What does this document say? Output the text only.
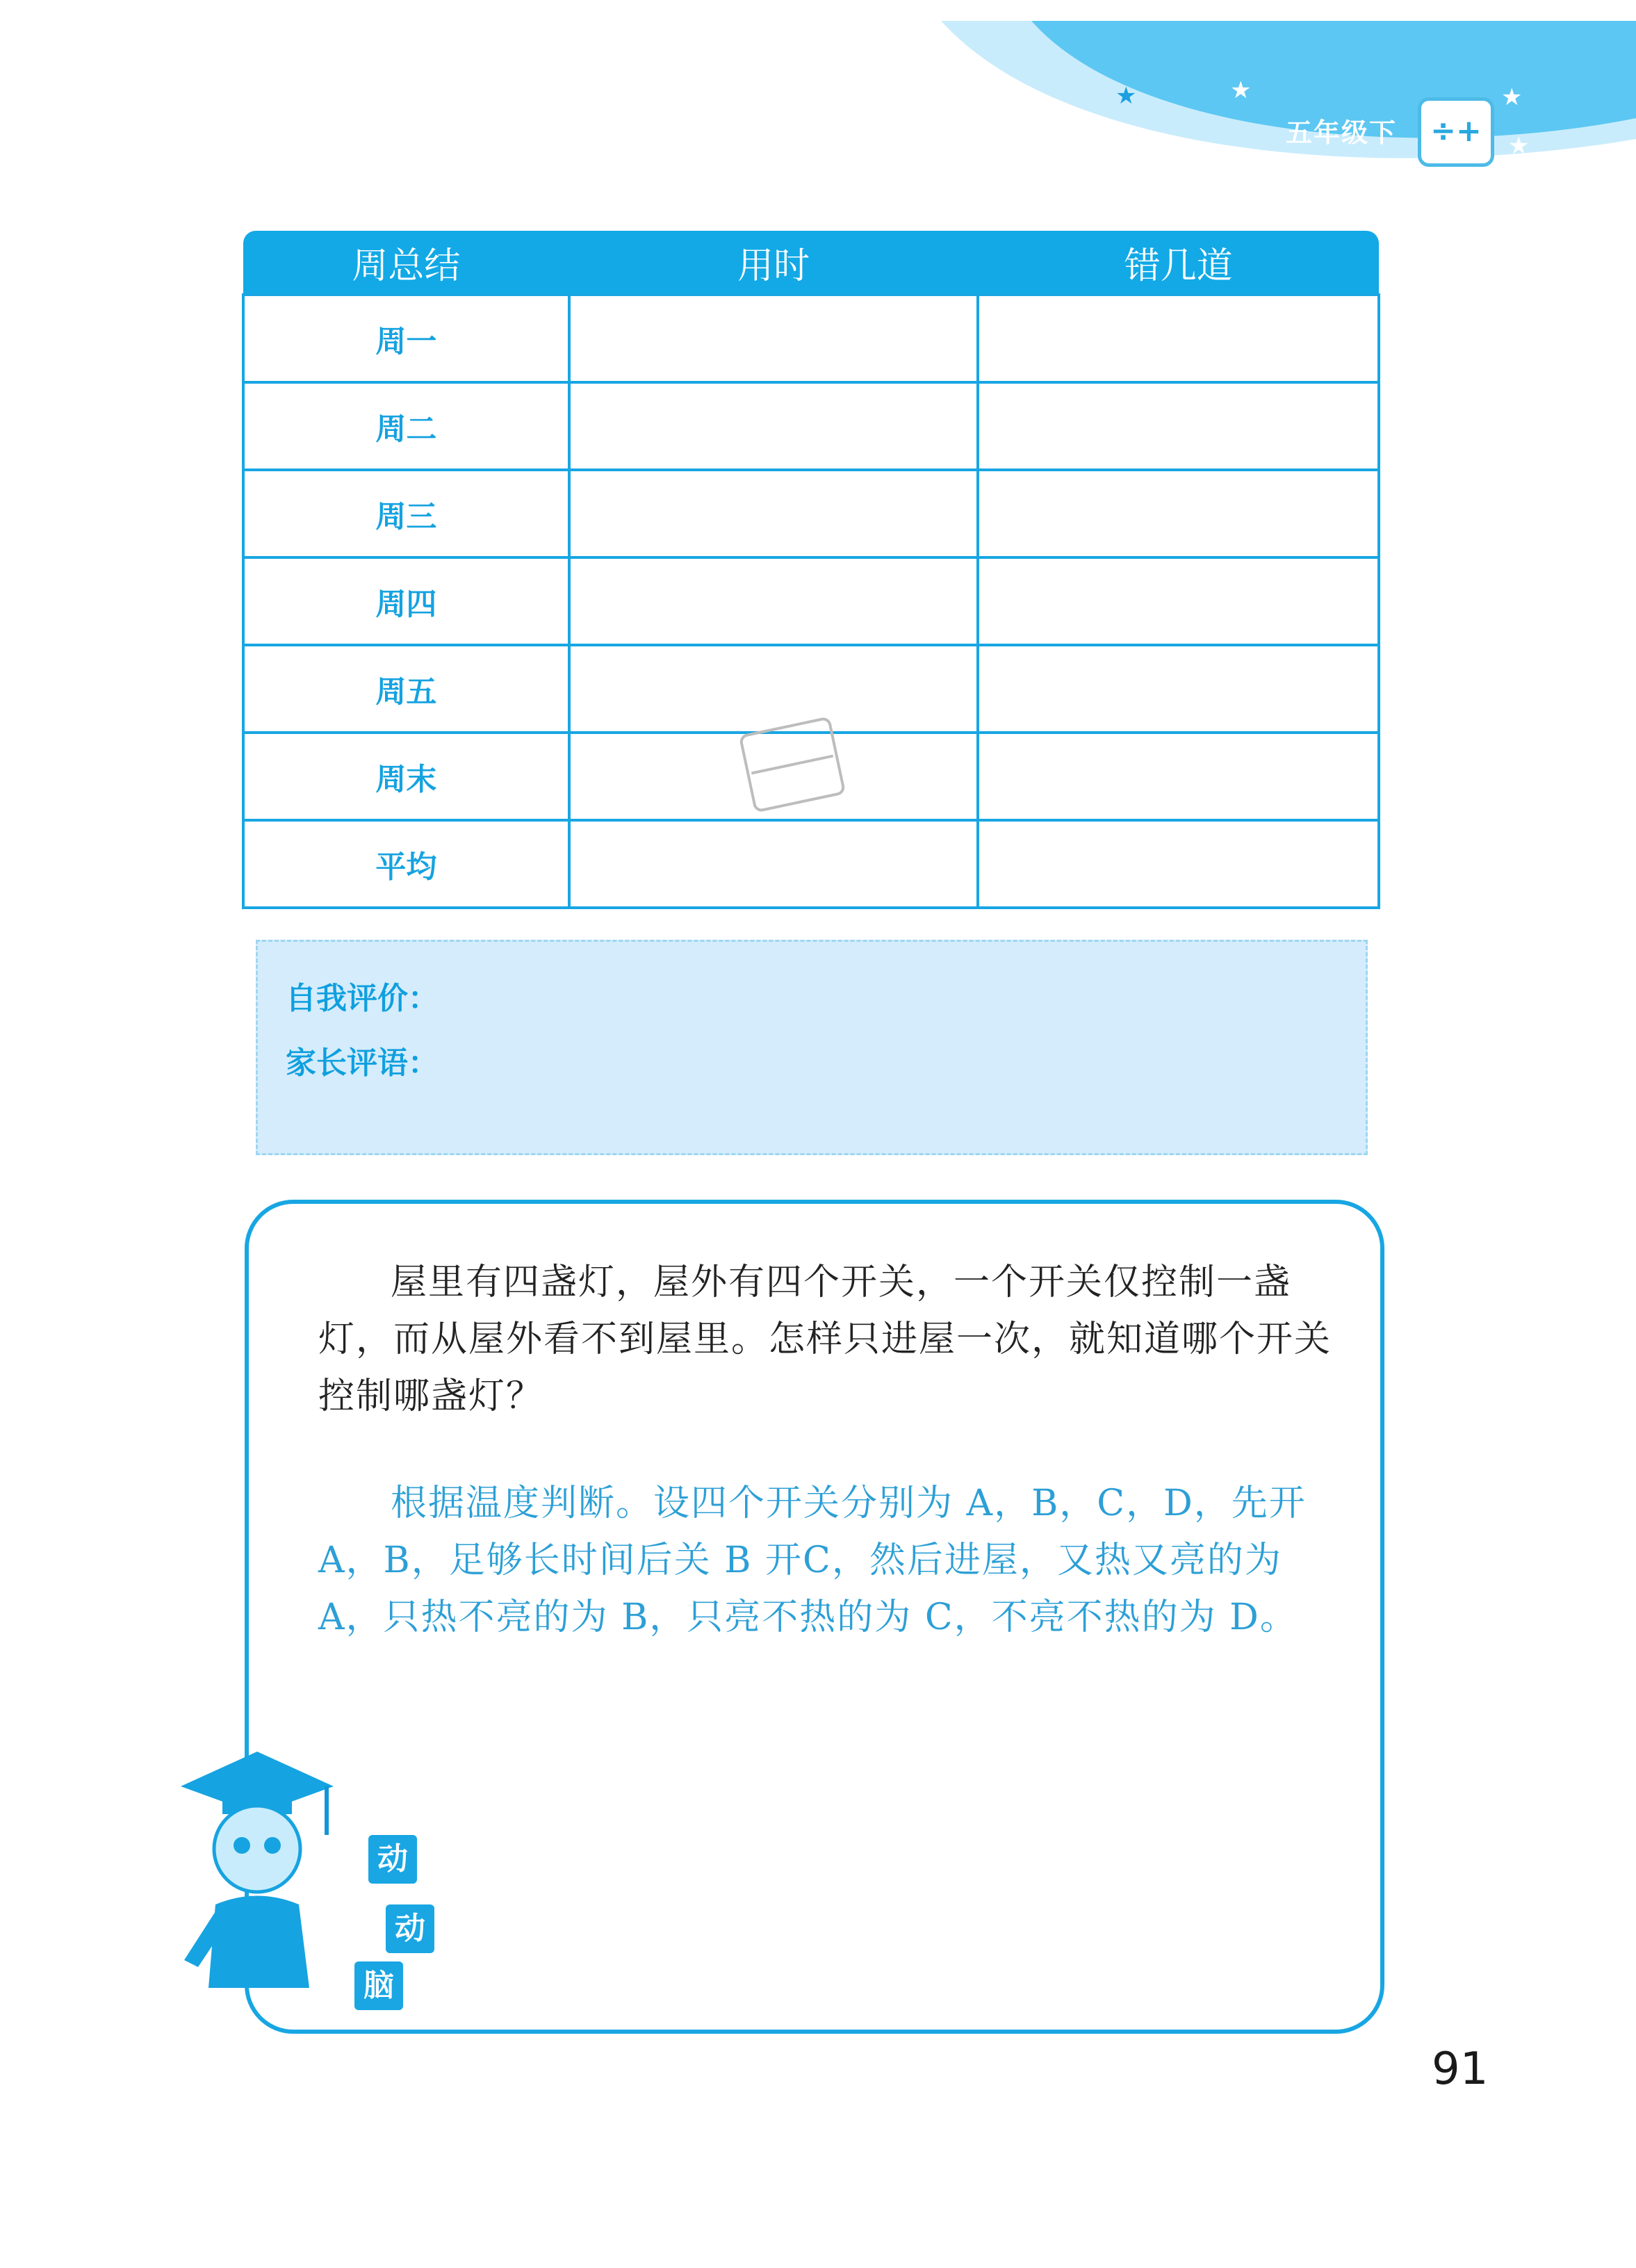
★	★	★
★
五年级下	÷+
周总结	用时	错几道
周一		
周二		
周三		
周四		
周五		
周末		
平均		
自我评价：
家长评语：
屋里有四盏灯，屋外有四个开关，一个开关仅控制一盏灯，而从屋外看不到屋里。怎样只进屋一次，就知道哪个开关控制哪盏灯？
根据温度判断。设四个开关分别为 A，B，C，D，先开 A，B，足够长时间后关 B 开C，然后进屋，又热又亮的为 A，只热不亮的为 B，只亮不热的为 C，不亮不热的为 D。
动
动
脑
91
